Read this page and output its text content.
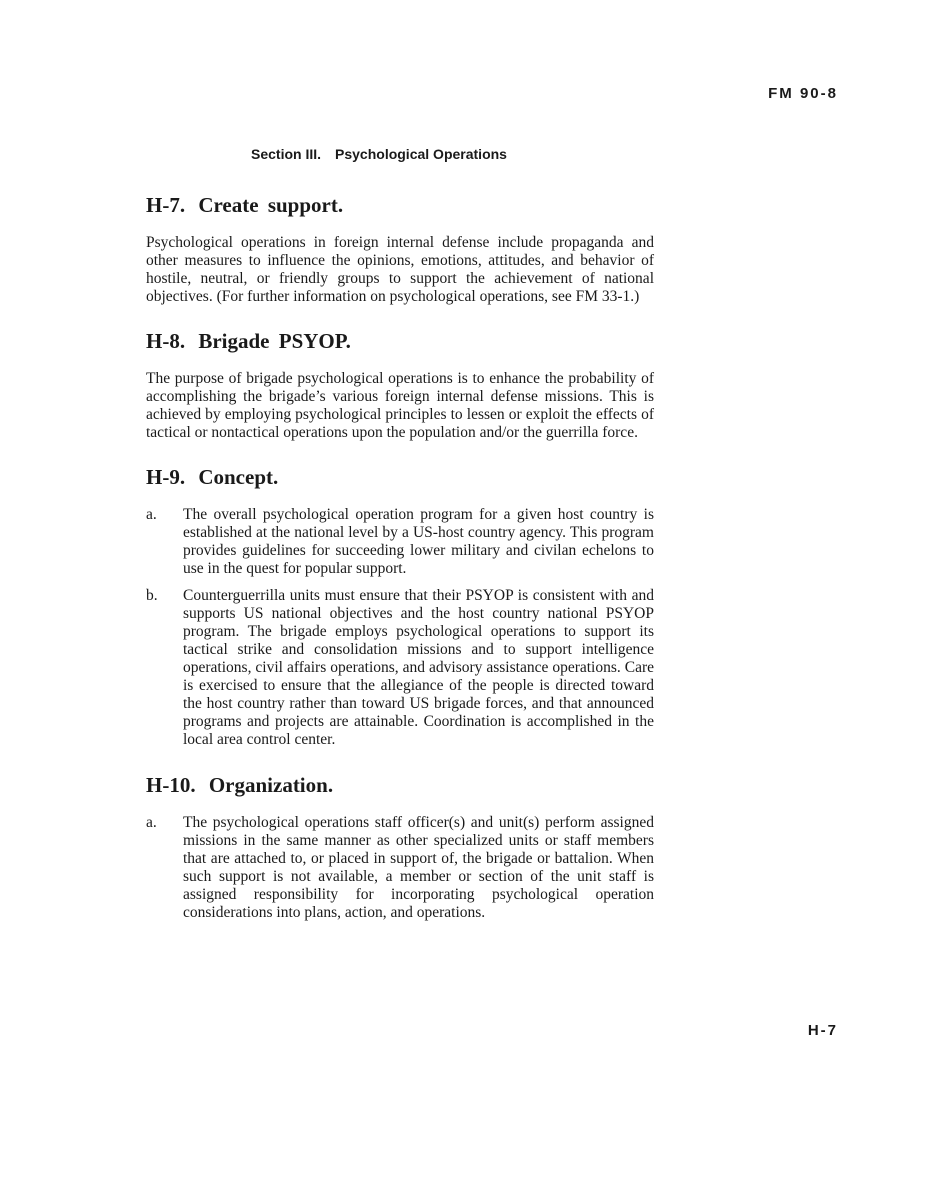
FM 90-8
Section III. Psychological Operations
H-7. Create support.

Psychological operations in foreign internal defense include propaganda and other measures to influence the opinions, emotions, attitudes, and behavior of hostile, neutral, or friendly groups to support the achievement of national objectives. (For further information on psychological operations, see FM 33-1.)

H-8. Brigade PSYOP.

The purpose of brigade psychological operations is to enhance the probability of accomplishing the brigade’s various foreign internal defense missions. This is achieved by employing psychological principles to lessen or exploit the effects of tactical or nontactical operations upon the population and/or the guerrilla force.

H-9. Concept.
a.	The overall psychological operation program for a given host country is established at the national level by a US-host country agency. This program provides guidelines for succeeding lower military and civilan echelons to use in the quest for popular support.
b.	Counterguerrilla units must ensure that their PSYOP is consistent with and supports US national objectives and the host country national PSYOP program. The brigade employs psychological operations to support its tactical strike and consolidation missions and to support intelligence operations, civil affairs operations, and advisory assistance operations. Care is exercised to ensure that the allegiance of the people is directed toward the host country rather than toward US brigade forces, and that announced programs and projects are attainable. Coordination is accomplished in the local area control center.
H-10. Organization.
a.	The psychological operations staff officer(s) and unit(s) perform assigned missions in the same manner as other specialized units or staff members that are attached to, or placed in support of, the brigade or battalion. When such support is not available, a member or section of the unit staff is assigned responsibility for incorporating psychological operation considerations into plans, action, and operations.
H-7
